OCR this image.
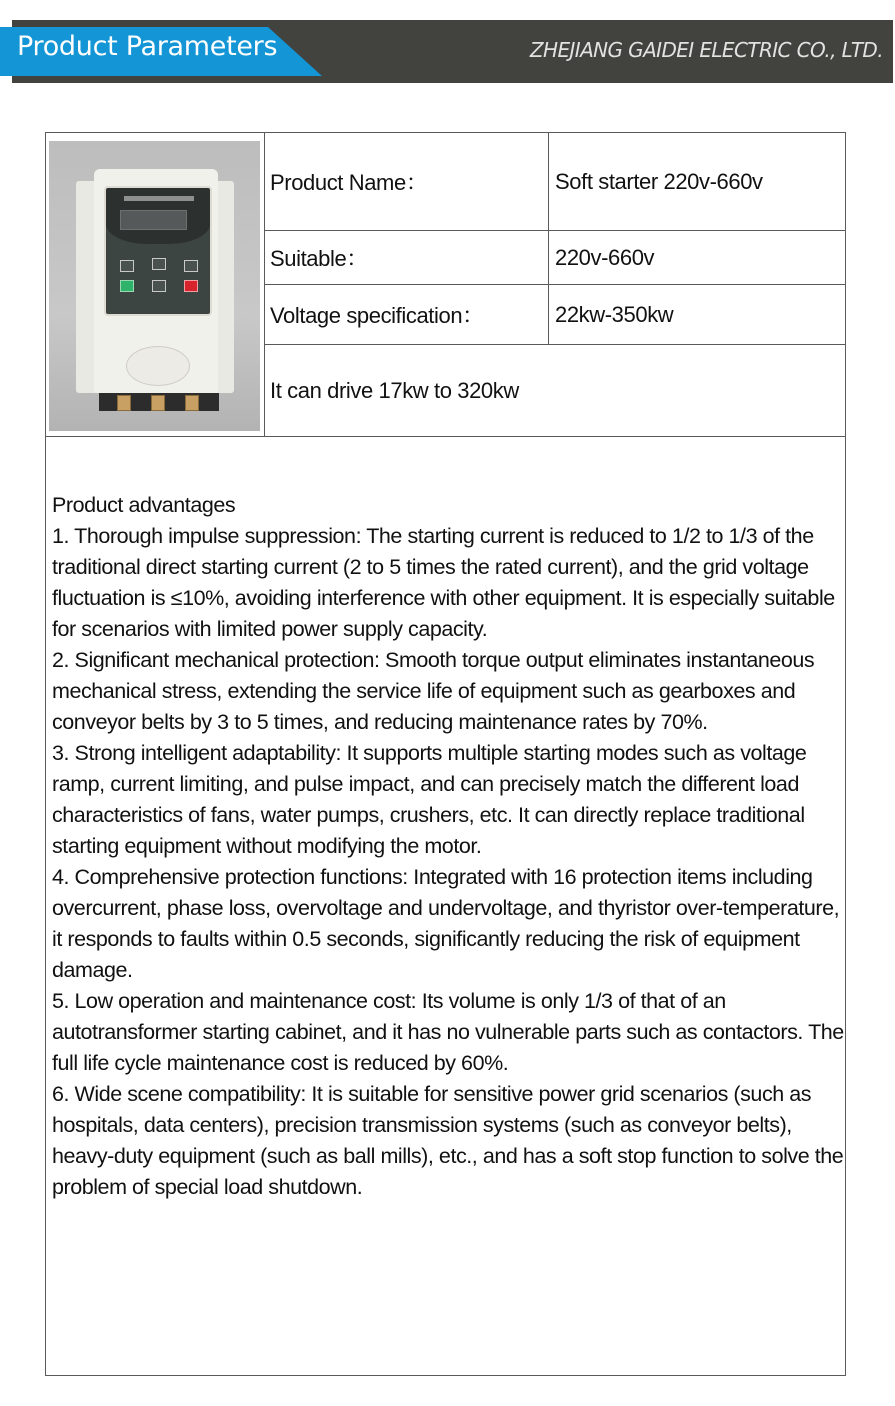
Product Parameters	ZHEJIANG GAIDEI ELECTRIC CO., LTD.
Product Name：	Soft starter 220v-660v
Suitable：	220v-660v
Voltage specification：	22kw-350kw
It can drive 17kw to 320kw

Product advantages

1. Thorough impulse suppression: The starting current is reduced to 1/2 to 1/3 of the traditional direct starting current (2 to 5 times the rated current), and the grid voltage fluctuation is ≤10%, avoiding interference with other equipment. It is especially suitable for scenarios with limited power supply capacity.

2. Significant mechanical protection: Smooth torque output eliminates instantaneous mechanical stress, extending the service life of equipment such as gearboxes and conveyor belts by 3 to 5 times, and reducing maintenance rates by 70%.

3. Strong intelligent adaptability: It supports multiple starting modes such as voltage ramp, current limiting, and pulse impact, and can precisely match the different load characteristics of fans, water pumps, crushers, etc. It can directly replace traditional starting equipment without modifying the motor.

4. Comprehensive protection functions: Integrated with 16 protection items including overcurrent, phase loss, overvoltage and undervoltage, and thyristor over-temperature, it responds to faults within 0.5 seconds, significantly reducing the risk of equipment damage.

5. Low operation and maintenance cost: Its volume is only 1/3 of that of an autotransformer starting cabinet, and it has no vulnerable parts such as contactors. The full life cycle maintenance cost is reduced by 60%.

6. Wide scene compatibility: It is suitable for sensitive power grid scenarios (such as hospitals, data centers), precision transmission systems (such as conveyor belts), heavy-duty equipment (such as ball mills), etc., and has a soft stop function to solve the problem of special load shutdown.
